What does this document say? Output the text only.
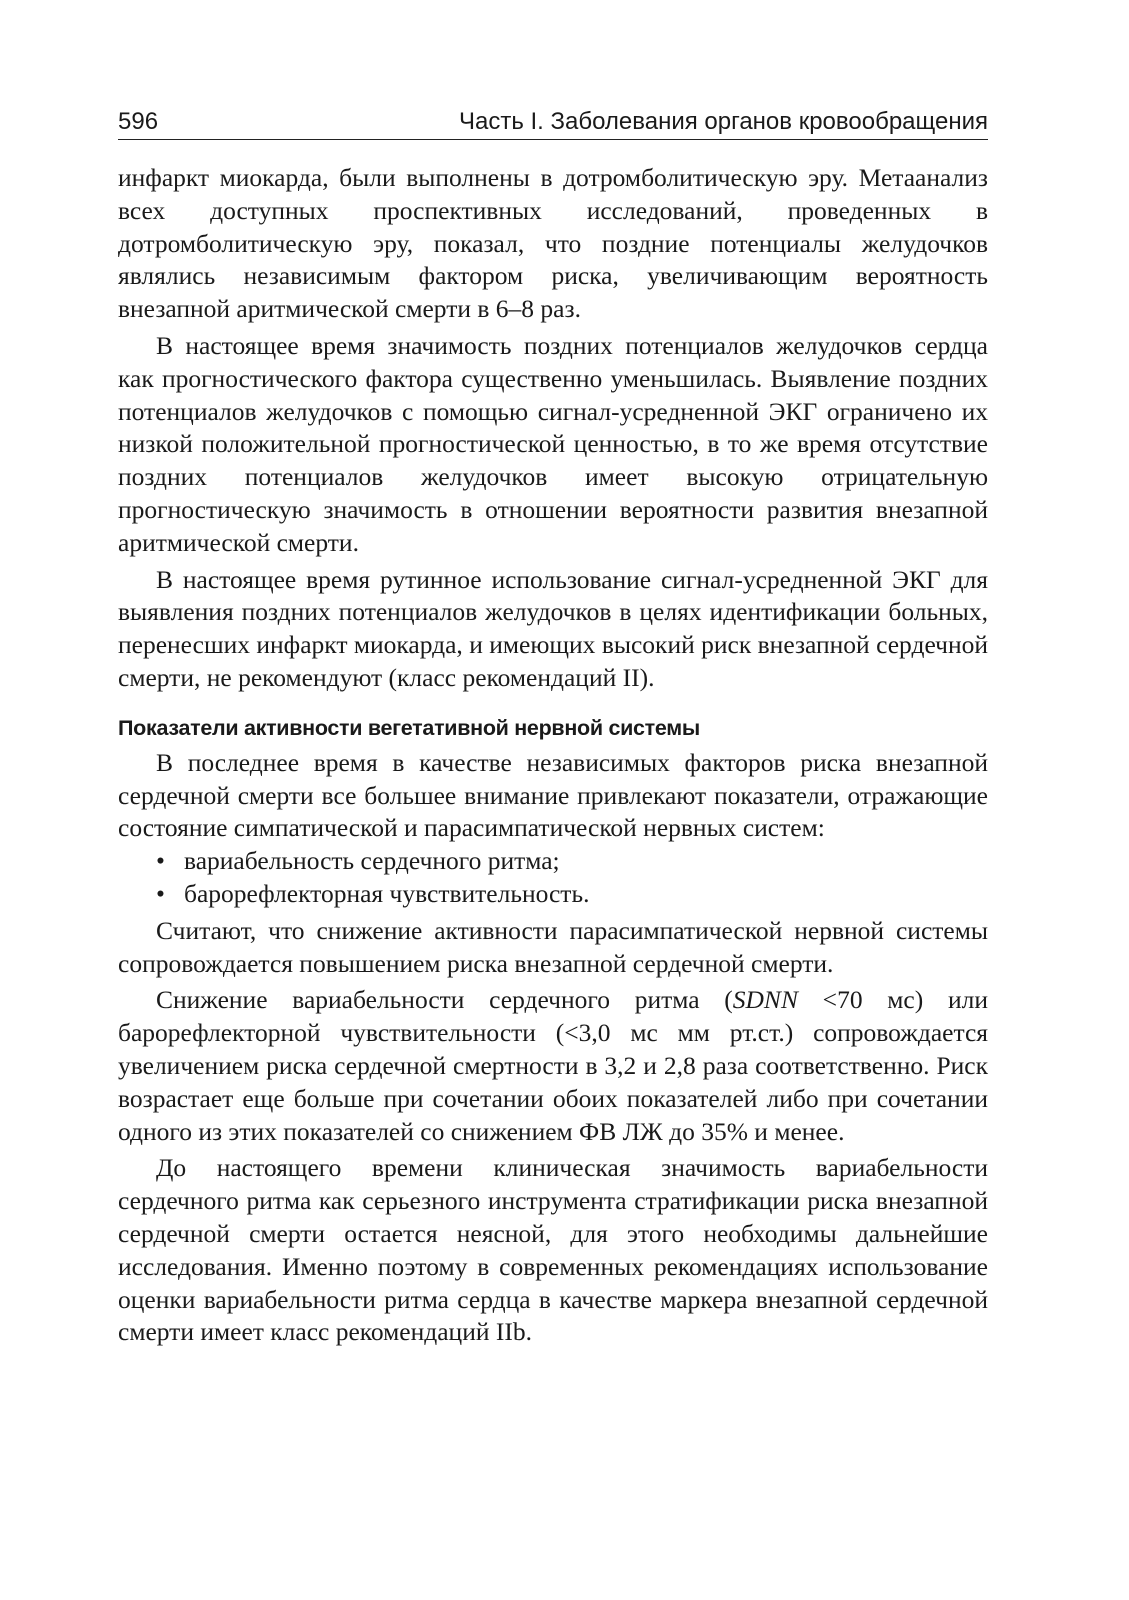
596	Часть I. Заболевания органов кровообращения

инфаркт миокарда, были выполнены в дотромболитическую эру. Метаанализ всех доступных проспективных исследований, проведенных в дотромболитическую эру, показал, что поздние потенциалы желудочков являлись независимым фактором риска, увеличивающим вероятность внезапной аритмической смерти в 6–8 раз.

В настоящее время значимость поздних потенциалов желудочков сердца как прогностического фактора существенно уменьшилась. Выявление поздних потенциалов желудочков с помощью сигнал-усредненной ЭКГ ограничено их низкой положительной прогностической ценностью, в то же время отсутствие поздних потенциалов желудочков имеет высокую отрицательную прогностическую значимость в отношении вероятности развития внезапной аритмической смерти.

В настоящее время рутинное использование сигнал-усредненной ЭКГ для выявления поздних потенциалов желудочков в целях идентификации больных, перенесших инфаркт миокарда, и имеющих высокий риск внезапной сердечной смерти, не рекомендуют (класс рекомендаций II).

Показатели активности вегетативной нервной системы

В последнее время в качестве независимых факторов риска внезапной сердечной смерти все большее внимание привлекают показатели, отражающие состояние симпатической и парасимпатической нервных систем:

• вариабельность сердечного ритма;
• барорефлекторная чувствительность.

Считают, что снижение активности парасимпатической нервной системы сопровождается повышением риска внезапной сердечной смерти.

Снижение вариабельности сердечного ритма (SDNN <70 мс) или барорефлекторной чувствительности (<3,0 мс мм рт.ст.) сопровождается увеличением риска сердечной смертности в 3,2 и 2,8 раза соответственно. Риск возрастает еще больше при сочетании обоих показателей либо при сочетании одного из этих показателей со снижением ФВ ЛЖ до 35% и менее.

До настоящего времени клиническая значимость вариабельности сердечного ритма как серьезного инструмента стратификации риска внезапной сердечной смерти остается неясной, для этого необходимы дальнейшие исследования. Именно поэтому в современных рекомендациях использование оценки вариабельности ритма сердца в качестве маркера внезапной сердечной смерти имеет класс рекомендаций IIb.
